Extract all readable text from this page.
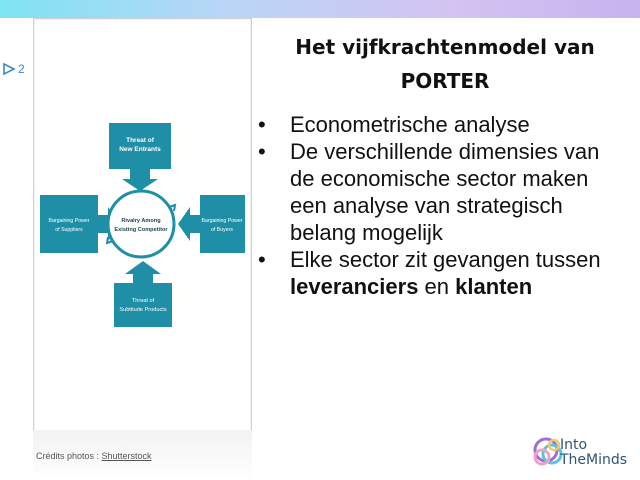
2
Threat of
New Entrants
Bargaining Power
of Suppliers
Bargaining Power
of Buyers
Threat of
Subtitude Products
Rivalry Among
Existing Competitor
Crédits photos : Shutterstock
Het vijfkrachtenmodel van
PORTER
• Econometrische analyse
• De verschillende dimensies van de economische sector maken een analyse van strategisch belang mogelijk
• Elke sector zit gevangen tussen leveranciers en klanten
Into
TheMinds
